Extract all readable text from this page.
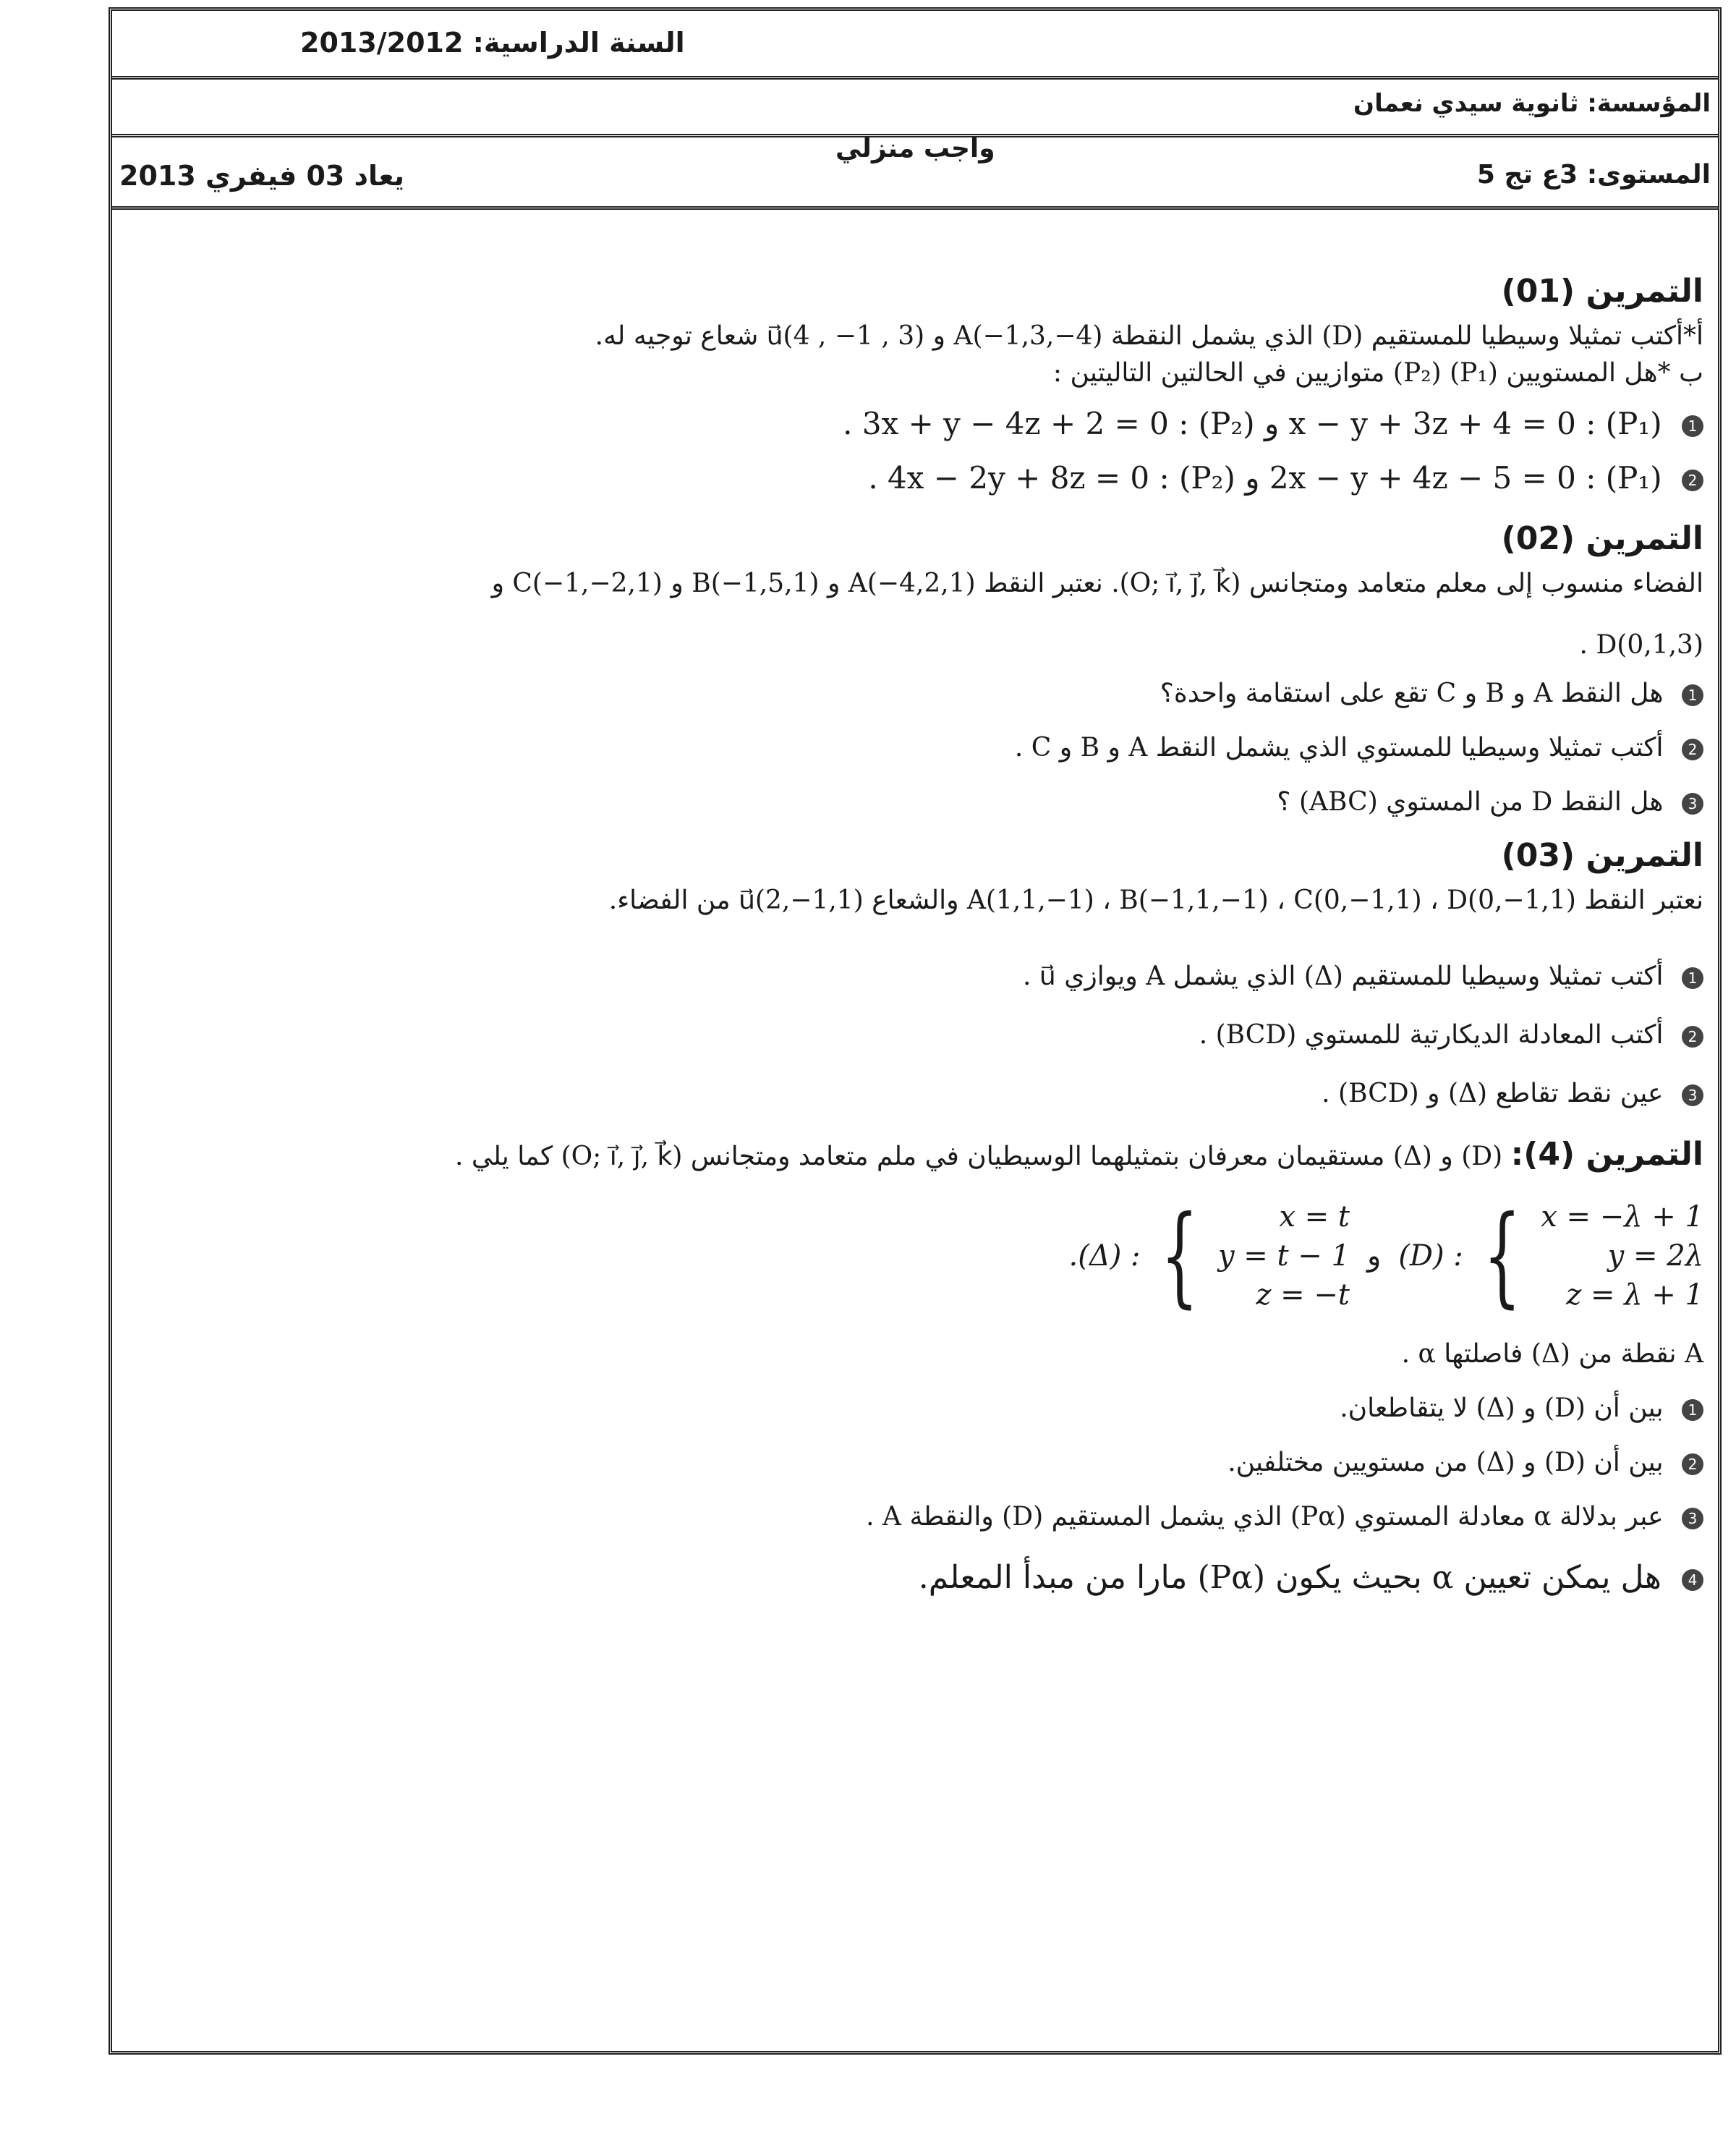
السنة الدراسية: 2013/2012
المؤسسة: ثانوية سيدي نعمان
واجب منزلي
المستوى: 3ع تج 5
يعاد 03 فيفري 2013
التمرين (01)
أ*أكتب تمثيلا وسيطيا للمستقيم (D) الذي يشمل النقطة A(−1,3,−4) و u⃗(4 , −1 , 3) شعاع توجيه له.
ب *هل المستويين (P₁) (P₂) متوازيين في الحالتين التاليتين :
1 (P₁) : x − y + 3z + 4 = 0 و (P₂) : 3x + y − 4z + 2 = 0 .
2 (P₁) : 2x − y + 4z − 5 = 0 و (P₂) : 4x − 2y + 8z = 0 .
التمرين (02)
الفضاء منسوب إلى معلم متعامد ومتجانس (O; i⃗, j⃗, k⃗). نعتبر النقط A(−4,2,1) و B(−1,5,1) و C(−1,−2,1) و
D(0,1,3) .
1 هل النقط A و B و C تقع على استقامة واحدة؟
2 أكتب تمثيلا وسيطيا للمستوي الذي يشمل النقط A و B و C .
3 هل النقط D من المستوي (ABC) ؟
التمرين (03)
نعتبر النقط A(1,1,−1) ، B(−1,1,−1) ، C(0,−1,1) ، D(0,−1,1) والشعاع u⃗(2,−1,1) من الفضاء.
1 أكتب تمثيلا وسيطيا للمستقيم (Δ) الذي يشمل A ويوازي u⃗ .
2 أكتب المعادلة الديكارتية للمستوي (BCD) .
3 عين نقط تقاطع (Δ) و (BCD) .
التمرين (4): (D) و (Δ) مستقيمان معرفان بتمثيلهما الوسيطيان في ملم متعامد ومتجانس (O; i⃗, j⃗, k⃗) كما يلي .
.(Δ) : {	x = t
y = t − 1
z = −t
و (D) : { x = −λ + 1
y = 2λ
z = λ + 1
A نقطة من (Δ) فاصلتها α .
1 بين أن (D) و (Δ) لا يتقاطعان.
2 بين أن (D) و (Δ) من مستويين مختلفين.
3 عبر بدلالة α معادلة المستوي (Pα) الذي يشمل المستقيم (D) والنقطة A .
4 هل يمكن تعيين α بحيث يكون (Pα) مارا من مبدأ المعلم.
